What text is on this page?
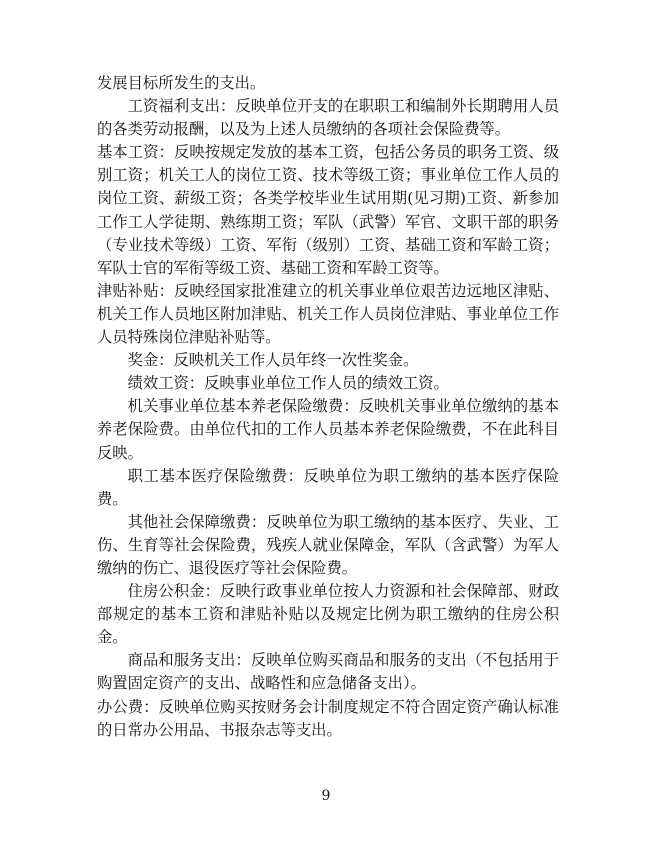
发展目标所发生的支出。

工资福利支出：反映单位开支的在职职工和编制外长期聘用人员的各类劳动报酬，以及为上述人员缴纳的各项社会保险费等。

基本工资：反映按规定发放的基本工资，包括公务员的职务工资、级别工资；机关工人的岗位工资、技术等级工资；事业单位工作人员的岗位工资、薪级工资；各类学校毕业生试用期(见习期)工资、新参加工作工人学徒期、熟练期工资；军队（武警）军官、文职干部的职务（专业技术等级）工资、军衔（级别）工资、基础工资和军龄工资；军队士官的军衔等级工资、基础工资和军龄工资等。

津贴补贴：反映经国家批准建立的机关事业单位艰苦边远地区津贴、机关工作人员地区附加津贴、机关工作人员岗位津贴、事业单位工作人员特殊岗位津贴补贴等。

奖金：反映机关工作人员年终一次性奖金。

绩效工资：反映事业单位工作人员的绩效工资。

机关事业单位基本养老保险缴费：反映机关事业单位缴纳的基本养老保险费。由单位代扣的工作人员基本养老保险缴费，不在此科目反映。

职工基本医疗保险缴费：反映单位为职工缴纳的基本医疗保险费。

其他社会保障缴费：反映单位为职工缴纳的基本医疗、失业、工伤、生育等社会保险费，残疾人就业保障金，军队（含武警）为军人缴纳的伤亡、退役医疗等社会保险费。

住房公积金：反映行政事业单位按人力资源和社会保障部、财政部规定的基本工资和津贴补贴以及规定比例为职工缴纳的住房公积金。

商品和服务支出：反映单位购买商品和服务的支出（不包括用于购置固定资产的支出、战略性和应急储备支出）。

办公费：反映单位购买按财务会计制度规定不符合固定资产确认标准的日常办公用品、书报杂志等支出。

9
